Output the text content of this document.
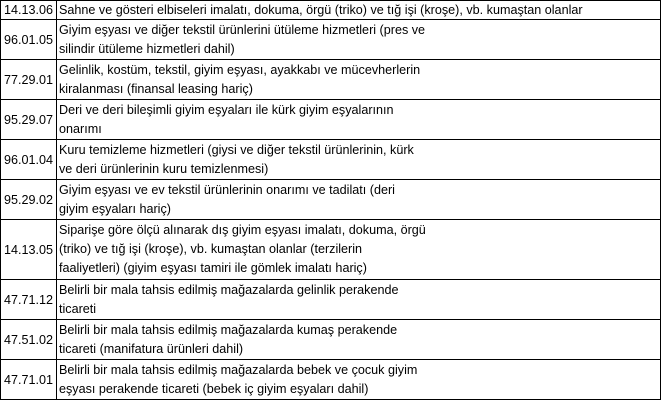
14.13.06 Sahne ve gösteri elbiseleri imalatı, dokuma, örgü (triko) ve tığ işi (kroşe), vb. kumaştan olanlar
96.01.05
Giyim eşyası ve diğer tekstil ürünlerini ütüleme hizmetleri (pres ve
silindir ütüleme hizmetleri dahil)
77.29.01
Gelinlik, kostüm, tekstil, giyim eşyası, ayakkabı ve mücevherlerin
kiralanması (finansal leasing hariç)
95.29.07
Deri ve deri bileşimli giyim eşyaları ile kürk giyim eşyalarının
onarımı
96.01.04
Kuru temizleme hizmetleri (giysi ve diğer tekstil ürünlerinin, kürk
ve deri ürünlerinin kuru temizlenmesi)
95.29.02
Giyim eşyası ve ev tekstil ürünlerinin onarımı ve tadilatı (deri
giyim eşyaları hariç)
14.13.05
Siparişe göre ölçü alınarak dış giyim eşyası imalatı, dokuma, örgü
(triko) ve tığ işi (kroşe), vb. kumaştan olanlar (terzilerin
faaliyetleri) (giyim eşyası tamiri ile gömlek imalatı hariç)
47.71.12
Belirli bir mala tahsis edilmiş mağazalarda gelinlik perakende
ticareti
47.51.02
Belirli bir mala tahsis edilmiş mağazalarda kumaş perakende
ticareti (manifatura ürünleri dahil)
47.71.01
Belirli bir mala tahsis edilmiş mağazalarda bebek ve çocuk giyim
eşyası perakende ticareti (bebek iç giyim eşyaları dahil)
